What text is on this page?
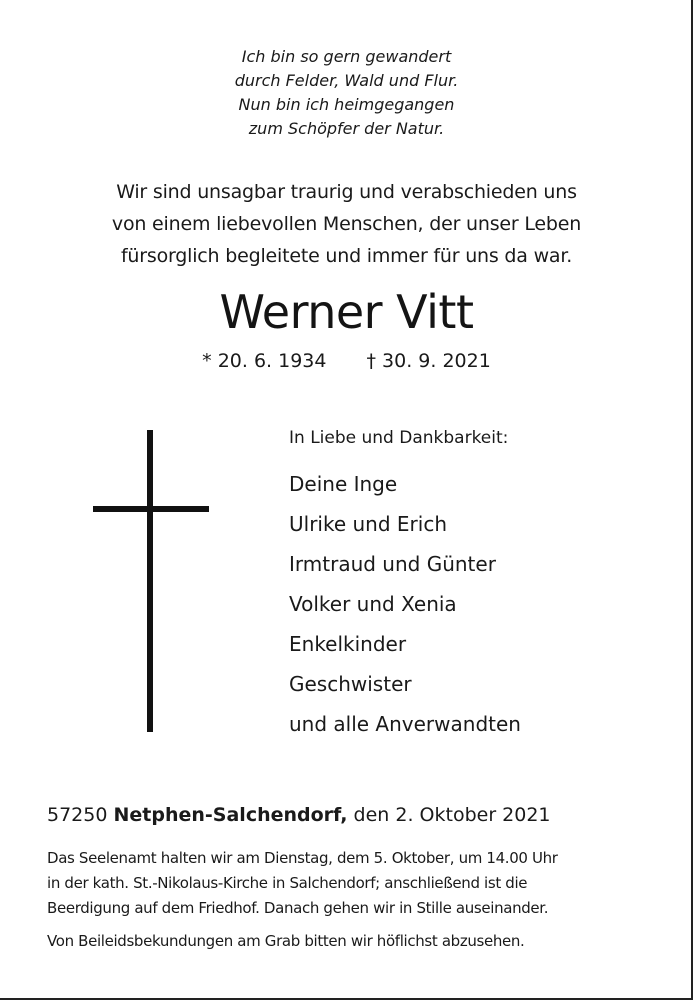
Ich bin so gern gewandert
durch Felder, Wald und Flur.
Nun bin ich heimgegangen
zum Schöpfer der Natur.
Wir sind unsagbar traurig und verabschieden uns
von einem liebevollen Menschen, der unser Leben
fürsorglich begleitete und immer für uns da war.
Werner Vitt
* 20. 6. 1934 † 30. 9. 2021
In Liebe und Dankbarkeit:
Deine Inge
Ulrike und Erich
Irmtraud und Günter
Volker und Xenia
Enkelkinder
Geschwister
und alle Anverwandten
57250 Netphen-Salchendorf, den 2. Oktober 2021
Das Seelenamt halten wir am Dienstag, dem 5. Oktober, um 14.00 Uhr
in der kath. St.-Nikolaus-Kirche in Salchendorf; anschließend ist die
Beerdigung auf dem Friedhof. Danach gehen wir in Stille auseinander.
Von Beileidsbekundungen am Grab bitten wir höflichst abzusehen.
